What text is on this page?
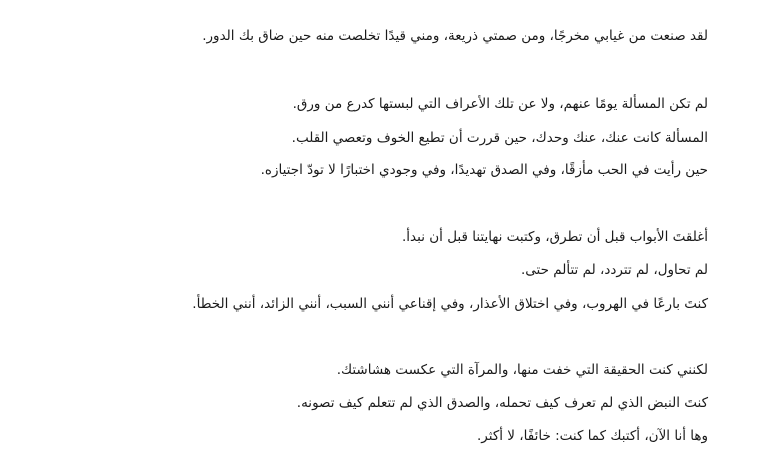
لقد صنعت من غيابي مخرجًا، ومن صمتي ذريعة، ومني قيدًا تخلصت منه حين ضاق بك الدور.

لم تكن المسألة يومًا عنهم، ولا عن تلك الأعراف التي لبستها كدرع من ورق.

المسألة كانت عنك، عنك وحدك، حين قررت أن تطيع الخوف وتعصي القلب.

حين رأيت في الحب مأزقًا، وفي الصدق تهديدًا، وفي وجودي اختبارًا لا تودّ اجتيازه.

أغلقتَ الأبواب قبل أن تطرق، وكتبت نهايتنا قبل أن نبدأ.

لم تحاول، لم تتردد، لم تتألم حتى.

كنتَ بارعًا في الهروب، وفي اختلاق الأعذار، وفي إقناعي أنني السبب، أنني الزائد، أنني الخطأ.

لكنني كنت الحقيقة التي خفت منها، والمرآة التي عكست هشاشتك.

كنتَ النبض الذي لم تعرف كيف تحمله، والصدق الذي لم تتعلم كيف تصونه.

وها أنا الآن، أكتبك كما كنت: خائفًا، لا أكثر.
